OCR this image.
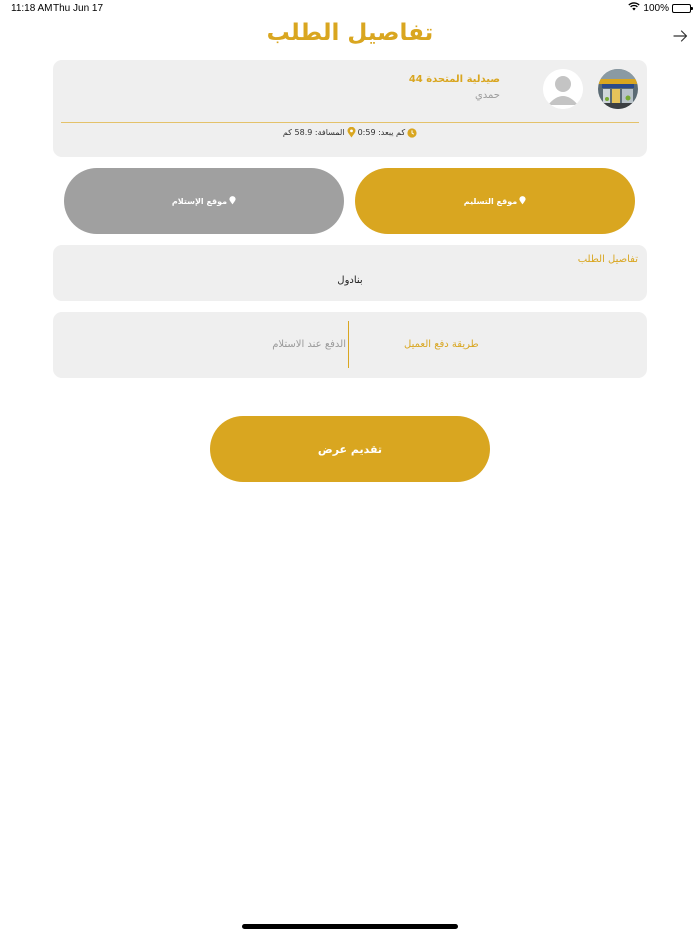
11:18 AM Thu Jun 17	100%
تفاصيل الطلب
صيدلية المتحدة 44
حمدي
كم يبعد: 0:59
المسافة: 58.9 كم
موقع التسليم
موقع الإستلام
تفاصيل الطلب
بنادول
طريقة دفع العميل
الدفع عند الاستلام
تقديم عرض
